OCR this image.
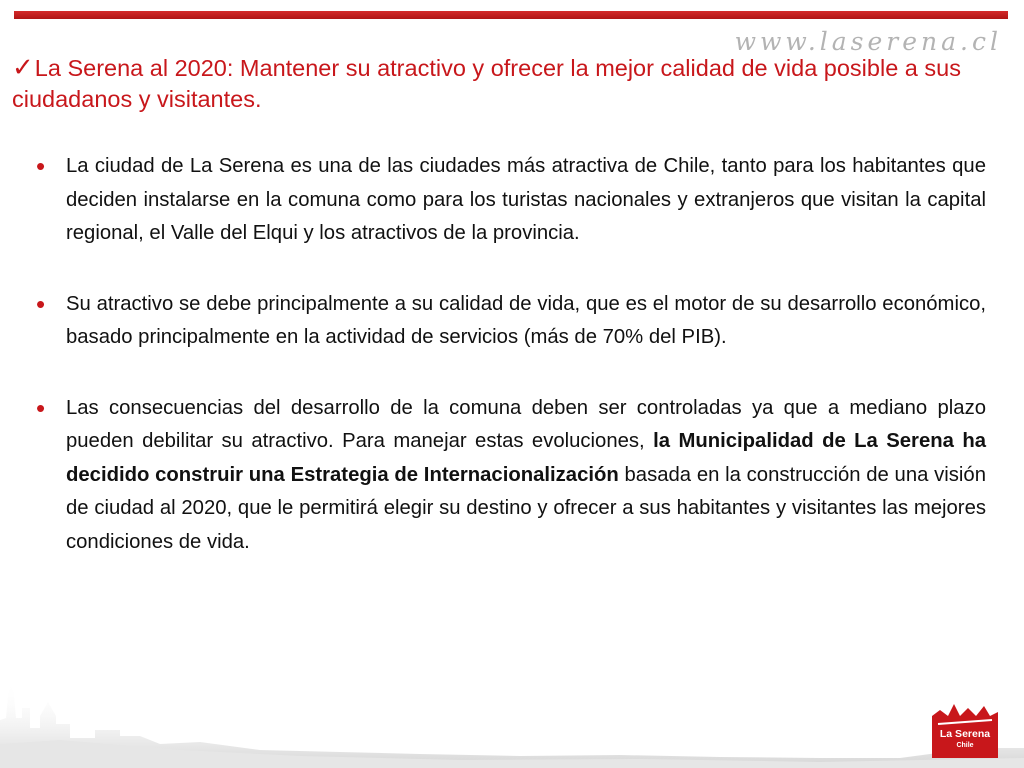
www.laserena.cl
✓La Serena al 2020: Mantener su atractivo y ofrecer la mejor calidad de vida posible a sus ciudadanos y visitantes.
• La ciudad de La Serena es una de las ciudades más atractiva de Chile, tanto para los habitantes que deciden instalarse en la comuna como para los turistas nacionales y extranjeros que visitan la capital regional, el Valle del Elqui y los atractivos de la provincia.
• Su atractivo se debe principalmente a su calidad de vida, que es el motor de su desarrollo económico, basado principalmente en la actividad de servicios (más de 70% del PIB).
• Las consecuencias del desarrollo de la comuna deben ser controladas ya que a mediano plazo pueden debilitar su atractivo. Para manejar estas evoluciones, la Municipalidad de La Serena ha decidido construir una Estrategia de Internacionalización basada en la construcción de una visión de ciudad al 2020, que le permitirá elegir su destino y ofrecer a sus habitantes y visitantes las mejores condiciones de vida.
La Serena
Chile
